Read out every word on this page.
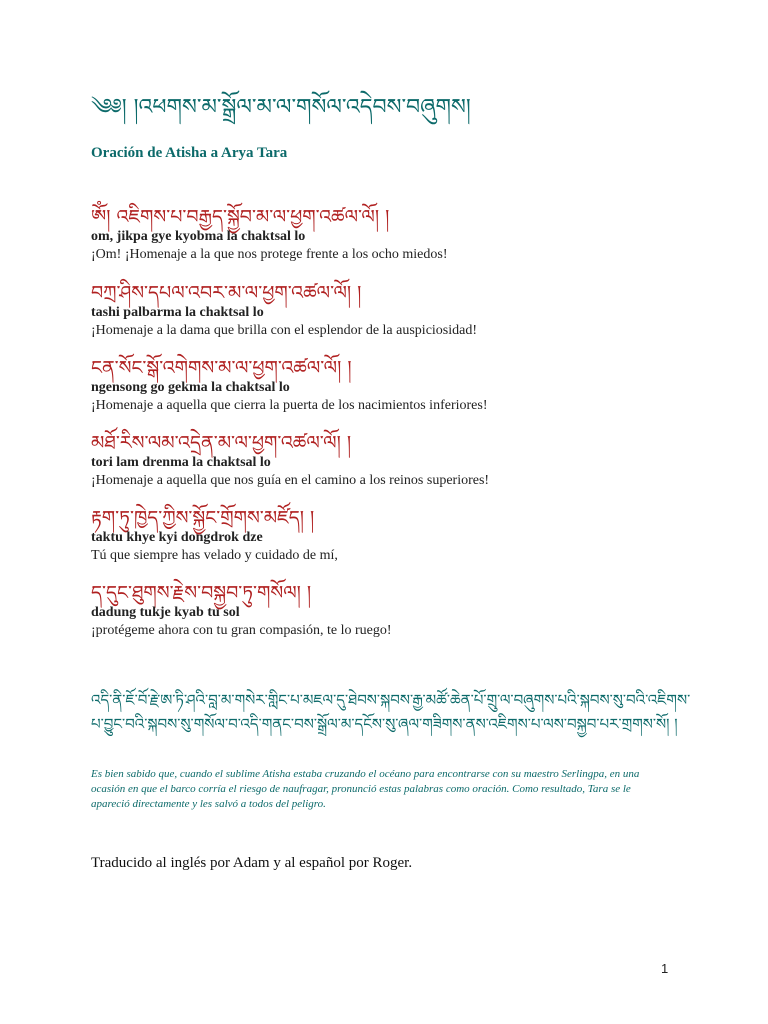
༄༅། །འཕགས་མ་སྒྲོལ་མ་ལ་གསོལ་འདེབས་བཞུགས།
Oración de Atisha a Arya Tara
ཨོཾ། འཇིགས་པ་བརྒྱད་སྐྱོབ་མ་ལ་ཕྱག་འཚལ་ལོ། །
om, jikpa gye kyobma la chaktsal lo
¡Om! ¡Homenaje a la que nos protege frente a los ocho miedos!
བཀྲ་ཤིས་དཔལ་འབར་མ་ལ་ཕྱག་འཚལ་ལོ། །
tashi palbarma la chaktsal lo
¡Homenaje a la dama que brilla con el esplendor de la auspiciosidad!
ངན་སོང་སྒོ་འགེགས་མ་ལ་ཕྱག་འཚལ་ལོ། །
ngensong go gekma la chaktsal lo
¡Homenaje a aquella que cierra la puerta de los nacimientos inferiores!
མཐོ་རིས་ལམ་འདྲེན་མ་ལ་ཕྱག་འཚལ་ལོ། །
tori lam drenma la chaktsal lo
¡Homenaje a aquella que nos guía en el camino a los reinos superiores!
རྟག་ཏུ་ཁྱེད་ཀྱིས་སྐྱོང་གྲོགས་མཛོད། །
taktu khye kyi dongdrok dze
Tú que siempre has velado y cuidado de mí,
ད་དུང་ཐུགས་རྗེས་བསྐྱབ་ཏུ་གསོལ། །
dadung tukje kyab tu sol
¡protégeme ahora con tu gran compasión, te lo ruego!
འདི་ནི་ཇོ་བོ་རྗེ་ཨ་ཏི་ཤའི་བླ་མ་གསེར་གླིང་པ་མཇལ་དུ་ཐེབས་སྐབས་རྒྱ་མཚོ་ཆེན་པོ་གྲུ་ལ་བཞུགས་པའི་སྐབས་སུ་བའི་འཇིགས་པ་བྱུང་བའི་སྐབས་སུ་གསོལ་བ་འདི་གནང་བས་སྒྲོལ་མ་དངོས་སུ་ཞལ་གཟིགས་ནས་འཇིགས་པ་ལས་བསྐྱབ་པར་གྲགས་སོ། །
Es bien sabido que, cuando el sublime Atisha estaba cruzando el océano para encontrarse con su maestro Serlingpa, en una ocasión en que el barco corría el riesgo de naufragar, pronunció estas palabras como oración. Como resultado, Tara se le apareció directamente y les salvó a todos del peligro.
Traducido al inglés por Adam y al español por Roger.
1
